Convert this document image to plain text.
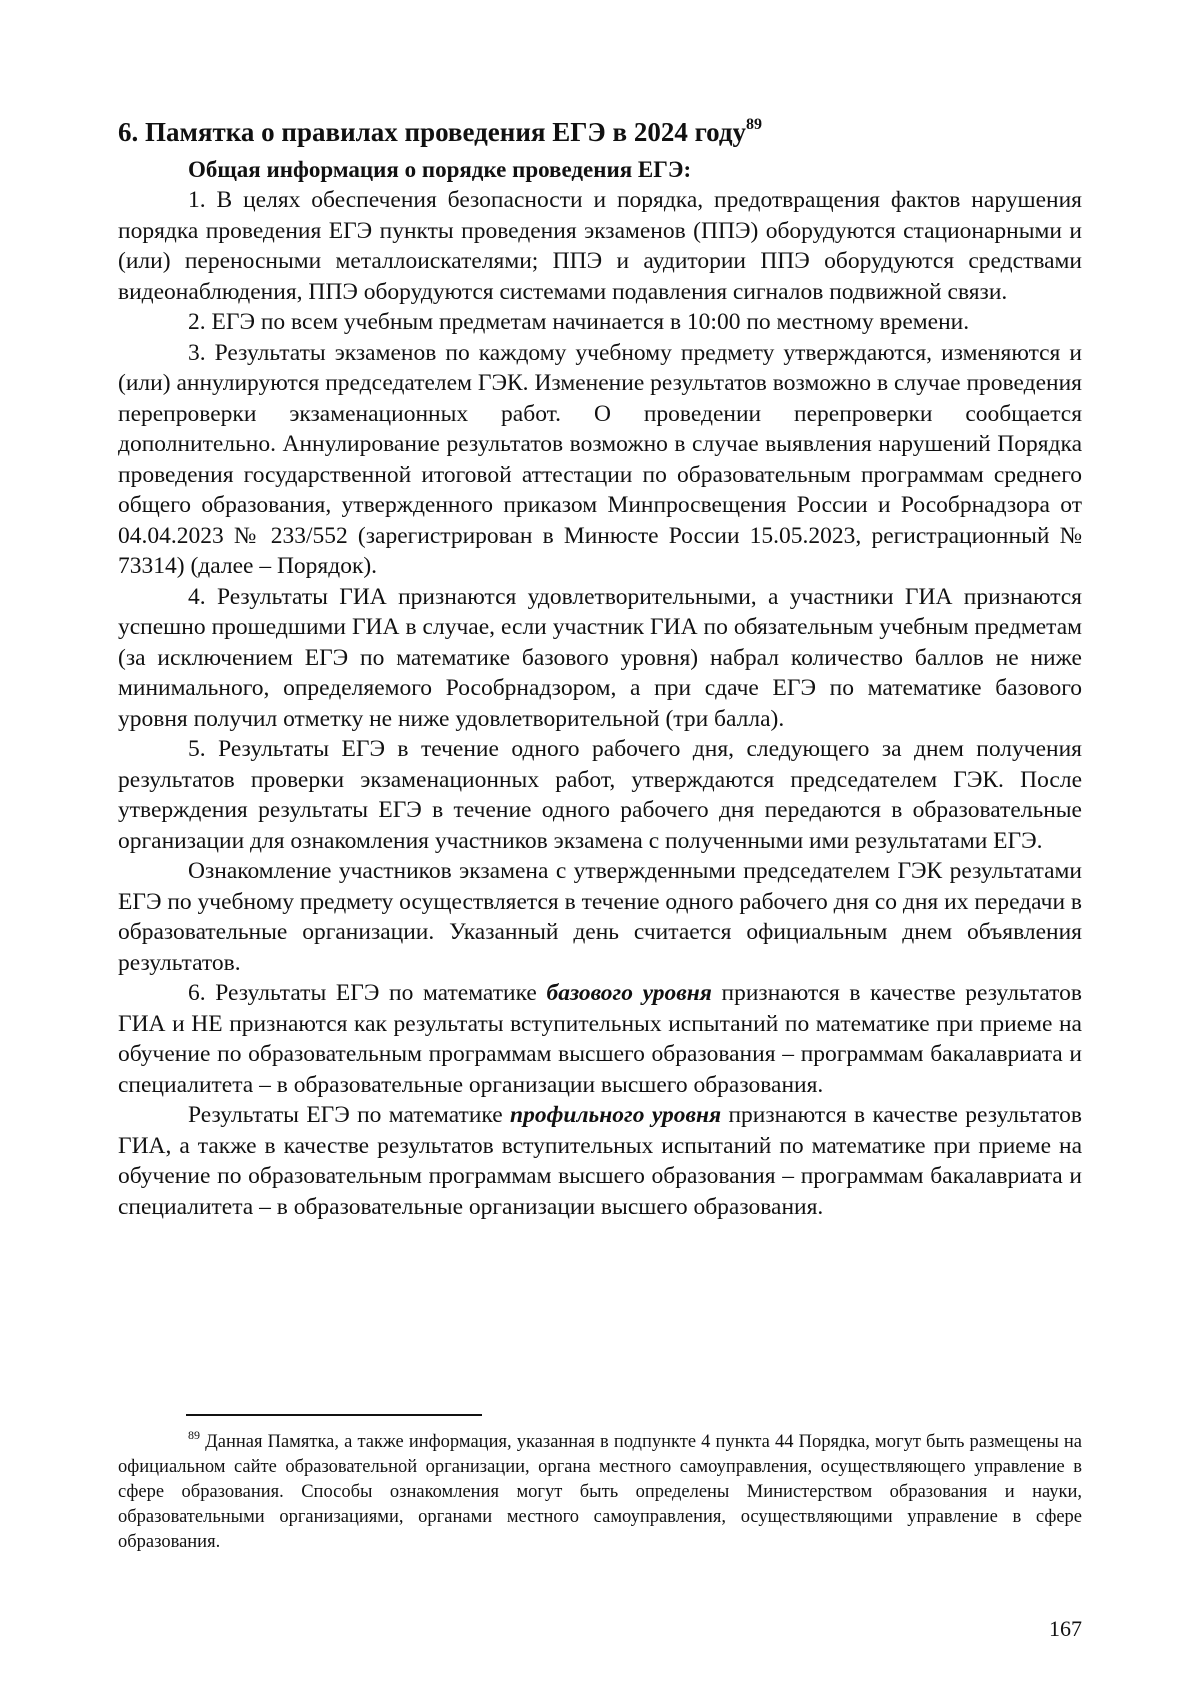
6. Памятка о правилах проведения ЕГЭ в 2024 году$^{89}$

Общая информация о порядке проведения ЕГЭ:

1. В целях обеспечения безопасности и порядка, предотвращения фактов нарушения порядка проведения ЕГЭ пункты проведения экзаменов (ППЭ) оборудуются стационарными и (или) переносными металлоискателями; ППЭ и аудитории ППЭ оборудуются средствами видеонаблюдения, ППЭ оборудуются системами подавления сигналов подвижной связи.

2. ЕГЭ по всем учебным предметам начинается в 10:00 по местному времени.

3. Результаты экзаменов по каждому учебному предмету утверждаются, изменяются и (или) аннулируются председателем ГЭК. Изменение результатов возможно в случае проведения перепроверки экзаменационных работ. О проведении перепроверки сообщается дополнительно. Аннулирование результатов возможно в случае выявления нарушений Порядка проведения государственной итоговой аттестации по образовательным программам среднего общего образования, утвержденного приказом Минпросвещения России и Рособрнадзора от 04.04.2023 № 233/552 (зарегистрирован в Минюсте России 15.05.2023, регистрационный № 73314) (далее – Порядок).

4. Результаты ГИА признаются удовлетворительными, а участники ГИА признаются успешно прошедшими ГИА в случае, если участник ГИА по обязательным учебным предметам (за исключением ЕГЭ по математике базового уровня) набрал количество баллов не ниже минимального, определяемого Рособрнадзором, а при сдаче ЕГЭ по математике базового уровня получил отметку не ниже удовлетворительной (три балла).

5. Результаты ЕГЭ в течение одного рабочего дня, следующего за днем получения результатов проверки экзаменационных работ, утверждаются председателем ГЭК. После утверждения результаты ЕГЭ в течение одного рабочего дня передаются в образовательные организации для ознакомления участников экзамена с полученными ими результатами ЕГЭ.

Ознакомление участников экзамена с утвержденными председателем ГЭК результатами ЕГЭ по учебному предмету осуществляется в течение одного рабочего дня со дня их передачи в образовательные организации. Указанный день считается официальным днем объявления результатов.

6. Результаты ЕГЭ по математике базового уровня признаются в качестве результатов ГИА и НЕ признаются как результаты вступительных испытаний по математике при приеме на обучение по образовательным программам высшего образования – программам бакалавриата и специалитета – в образовательные организации высшего образования.

Результаты ЕГЭ по математике профильного уровня признаются в качестве результатов ГИА, а также в качестве результатов вступительных испытаний по математике при приеме на обучение по образовательным программам высшего образования – программам бакалавриата и специалитета – в образовательные организации высшего образования.

$^{89}$ Данная Памятка, а также информация, указанная в подпункте 4 пункта 44 Порядка, могут быть размещены на официальном сайте образовательной организации, органа местного самоуправления, осуществляющего управление в сфере образования. Способы ознакомления могут быть определены Министерством образования и науки, образовательными организациями, органами местного самоуправления, осуществляющими управление в сфере образования.

167
